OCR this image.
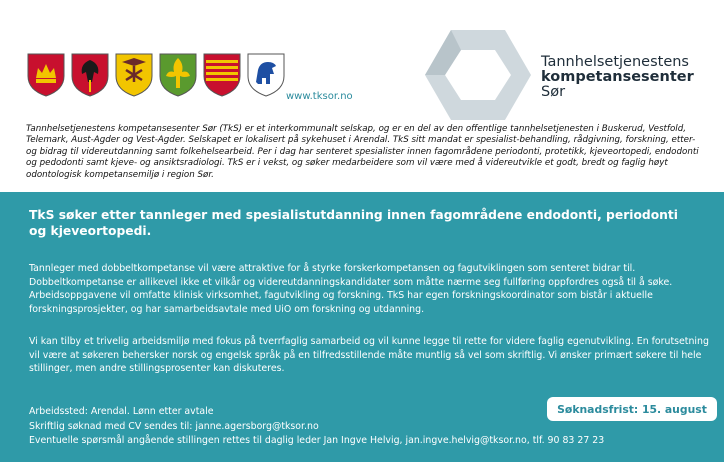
www.tksor.no
Tannhelsetjenestens
kompetansesenter
Sør

Tannhelsetjenestens kompetansesenter Sør (TkS) er et interkommunalt selskap, og er en del av den offentlige tannhelsetjenesten i Buskerud, Vestfold, Telemark, Aust-Agder og Vest-Agder. Selskapet er lokalisert på sykehuset i Arendal. TkS sitt mandat er spesialist-behandling, rådgivning, forskning, etter- og bidrag til videreutdanning samt folkehelsearbeid. Per i dag har senteret spesialister innen fagområdene periodonti, protetikk, kjeveortopedi, endodonti og pedodonti samt kjeve- og ansiktsradiologi. TkS er i vekst, og søker medarbeidere som vil være med å videreutvikle et godt, bredt og faglig høyt odontologisk kompetansemiljø i region Sør.

TkS søker etter tannleger med spesialistutdanning innen fagområdene endodonti, periodonti og kjeveortopedi.

Tannleger med dobbeltkompetanse vil være attraktive for å styrke forskerkompetansen og fagutviklingen som senteret bidrar til. Dobbeltkompetanse er allikevel ikke et vilkår og videreutdanningskandidater som måtte nærme seg fullføring oppfordres også til å søke. Arbeidsoppgavene vil omfatte klinisk virksomhet, fagutvikling og forskning. TkS har egen forskningskoordinator som bistår i aktuelle forskningsprosjekter, og har samarbeidsavtale med UiO om forskning og utdanning.

Vi kan tilby et trivelig arbeidsmiljø med fokus på tverrfaglig samarbeid og vil kunne legge til rette for videre faglig egenutvikling. En forutsetning vil være at søkeren behersker norsk og engelsk språk på en tilfredsstillende måte muntlig så vel som skriftlig. Vi ønsker primært søkere til hele stillinger, men andre stillingsprosenter kan diskuteres.

Arbeidssted: Arendal. Lønn etter avtale
Skriftlig søknad med CV sendes til: janne.agersborg@tksor.no
Eventuelle spørsmål angående stillingen rettes til daglig leder Jan Ingve Helvig, jan.ingve.helvig@tksor.no, tlf. 90 83 27 23
Søknadsfrist: 15. august
